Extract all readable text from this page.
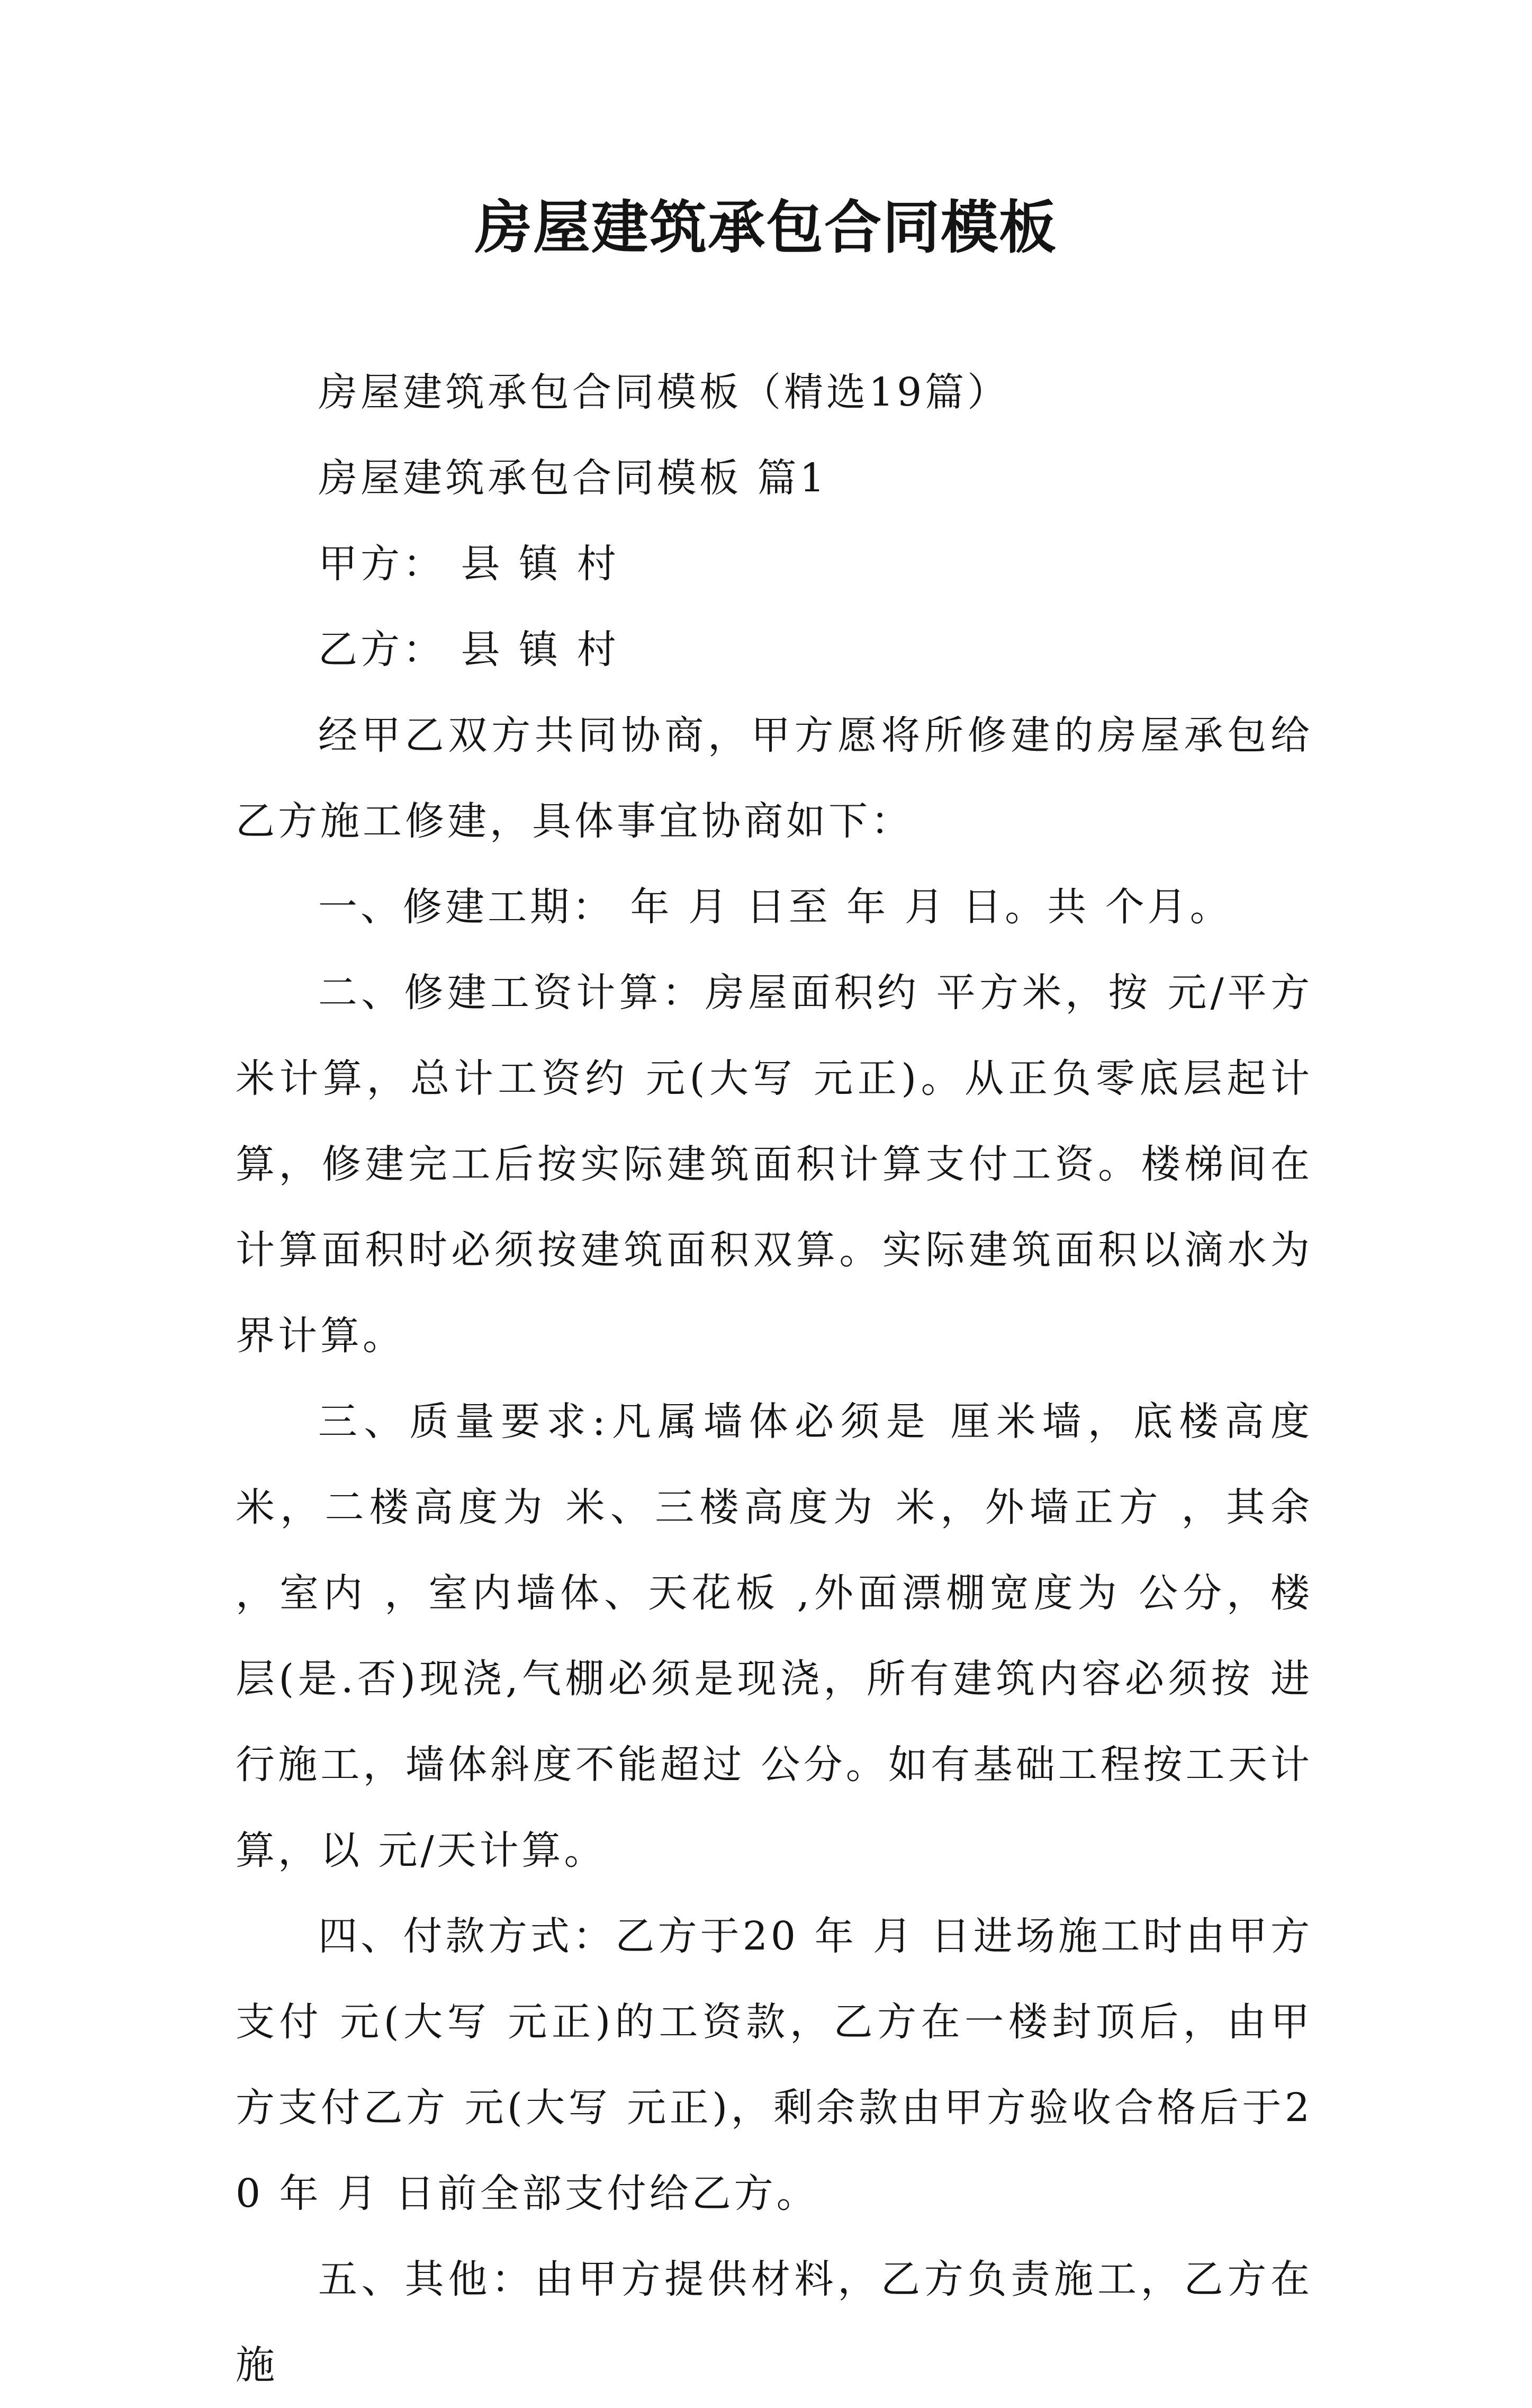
房屋建筑承包合同模板

房屋建筑承包合同模板（精选19篇）

房屋建筑承包合同模板 篇1

甲方： 县 镇 村

乙方： 县 镇 村

经甲乙双方共同协商，甲方愿将所修建的房屋承包给乙方施工修建，具体事宜协商如下：

一、修建工期： 年 月 日至 年 月 日。共 个月。

二、修建工资计算：房屋面积约 平方米，按 元/平方米计算，总计工资约 元(大写 元正)。从正负零底层起计算，修建完工后按实际建筑面积计算支付工资。楼梯间在计算面积时必须按建筑面积双算。实际建筑面积以滴水为界计算。

三、质量要求:凡属墙体必须是 厘米墙，底楼高度 米，二楼高度为 米、三楼高度为 米，外墙正方 ，其余 ，室内 ，室内墙体、天花板 ,外面漂棚宽度为 公分，楼层(是.否)现浇,气棚必须是现浇，所有建筑内容必须按 进行施工，墙体斜度不能超过 公分。如有基础工程按工天计算，以 元/天计算。

四、付款方式：乙方于20 年 月 日进场施工时由甲方支付 元(大写 元正)的工资款，乙方在一楼封顶后，由甲方支付乙方 元(大写 元正)，剩余款由甲方验收合格后于20 年 月 日前全部支付给乙方。

五、其他：由甲方提供材料，乙方负责施工，乙方在施
